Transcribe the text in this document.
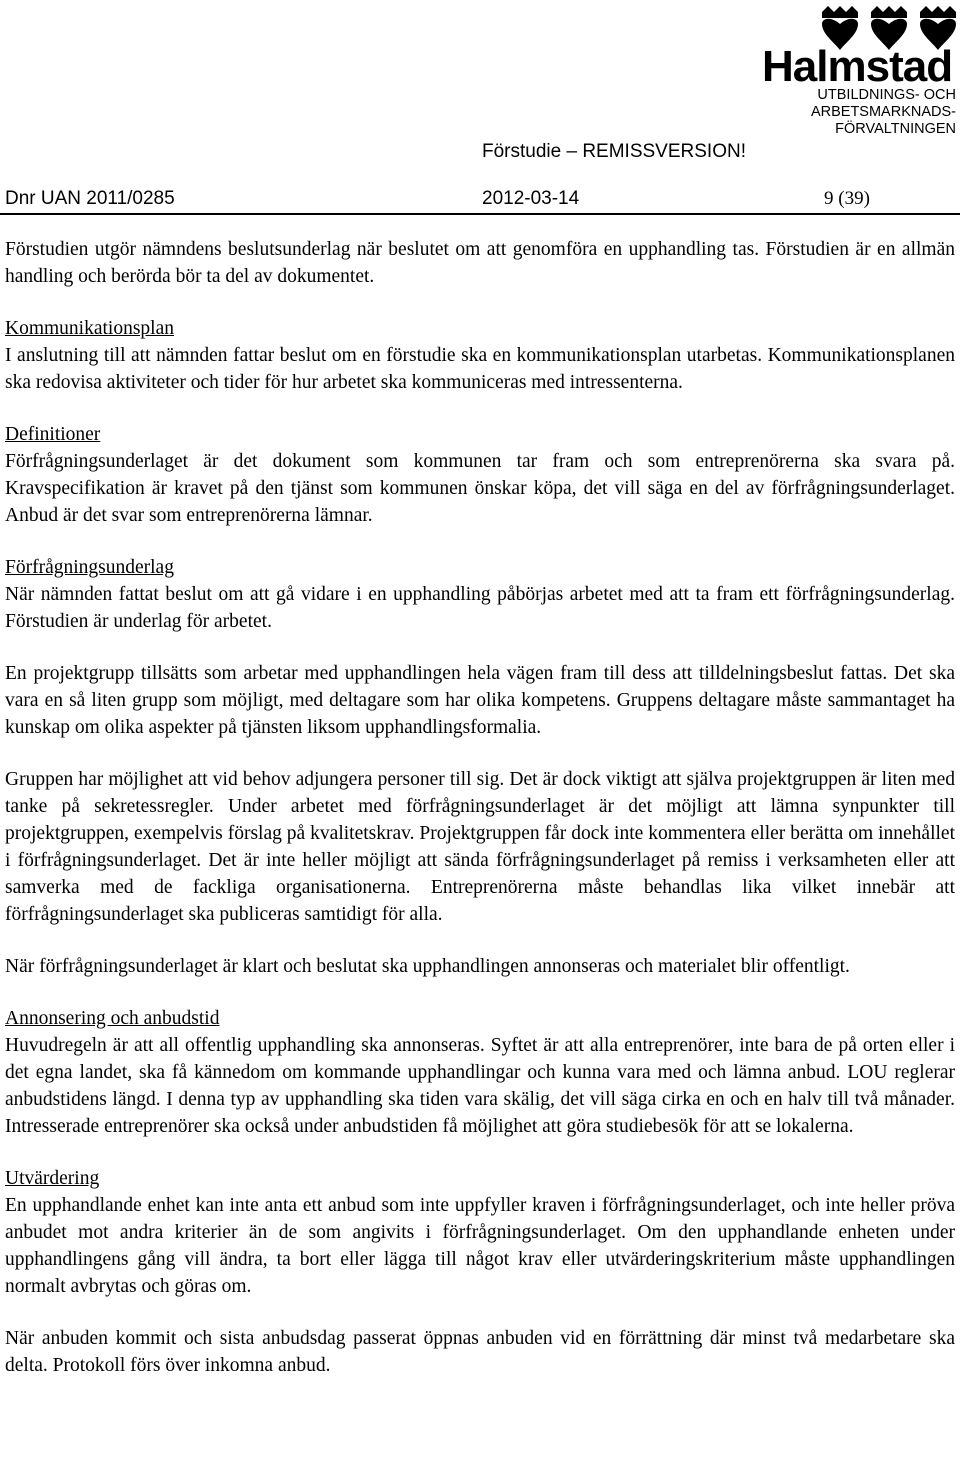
Halmstad
UTBILDNINGS- OCH
ARBETSMARKNADS-
FÖRVALTNINGEN
Förstudie – REMISSVERSION!
Dnr UAN 2011/0285	2012-03-14	9 (39)

Förstudien utgör nämndens beslutsunderlag när beslutet om att genomföra en upphandling tas. Förstudien är en allmän handling och berörda bör ta del av dokumentet.

Kommunikationsplan

I anslutning till att nämnden fattar beslut om en förstudie ska en kommunikationsplan utarbetas. Kommunikationsplanen ska redovisa aktiviteter och tider för hur arbetet ska kommuniceras med intressenterna.

Definitioner

Förfrågningsunderlaget är det dokument som kommunen tar fram och som entreprenörerna ska svara på. Kravspecifikation är kravet på den tjänst som kommunen önskar köpa, det vill säga en del av förfrågningsunderlaget. Anbud är det svar som entreprenörerna lämnar.

Förfrågningsunderlag

När nämnden fattat beslut om att gå vidare i en upphandling påbörjas arbetet med att ta fram ett förfrågningsunderlag. Förstudien är underlag för arbetet.

En projektgrupp tillsätts som arbetar med upphandlingen hela vägen fram till dess att tilldelningsbeslut fattas. Det ska vara en så liten grupp som möjligt, med deltagare som har olika kompetens. Gruppens deltagare måste sammantaget ha kunskap om olika aspekter på tjänsten liksom upphandlingsformalia.

Gruppen har möjlighet att vid behov adjungera personer till sig. Det är dock viktigt att själva projektgruppen är liten med tanke på sekretessregler. Under arbetet med förfrågningsunderlaget är det möjligt att lämna synpunkter till projektgruppen, exempelvis förslag på kvalitetskrav. Projektgruppen får dock inte kommentera eller berätta om innehållet i förfrågningsunderlaget. Det är inte heller möjligt att sända förfrågningsunderlaget på remiss i verksamheten eller att samverka med de fackliga organisationerna. Entreprenörerna måste behandlas lika vilket innebär att förfrågningsunderlaget ska publiceras samtidigt för alla.

När förfrågningsunderlaget är klart och beslutat ska upphandlingen annonseras och materialet blir offentligt.

Annonsering och anbudstid

Huvudregeln är att all offentlig upphandling ska annonseras. Syftet är att alla entreprenörer, inte bara de på orten eller i det egna landet, ska få kännedom om kommande upphandlingar och kunna vara med och lämna anbud. LOU reglerar anbudstidens längd. I denna typ av upphandling ska tiden vara skälig, det vill säga cirka en och en halv till två månader. Intresserade entreprenörer ska också under anbudstiden få möjlighet att göra studiebesök för att se lokalerna.

Utvärdering

En upphandlande enhet kan inte anta ett anbud som inte uppfyller kraven i förfrågningsunderlaget, och inte heller pröva anbudet mot andra kriterier än de som angivits i förfrågningsunderlaget. Om den upphandlande enheten under upphandlingens gång vill ändra, ta bort eller lägga till något krav eller utvärderingskriterium måste upphandlingen normalt avbrytas och göras om.

När anbuden kommit och sista anbudsdag passerat öppnas anbuden vid en förrättning där minst två medarbetare ska delta. Protokoll förs över inkomna anbud.
